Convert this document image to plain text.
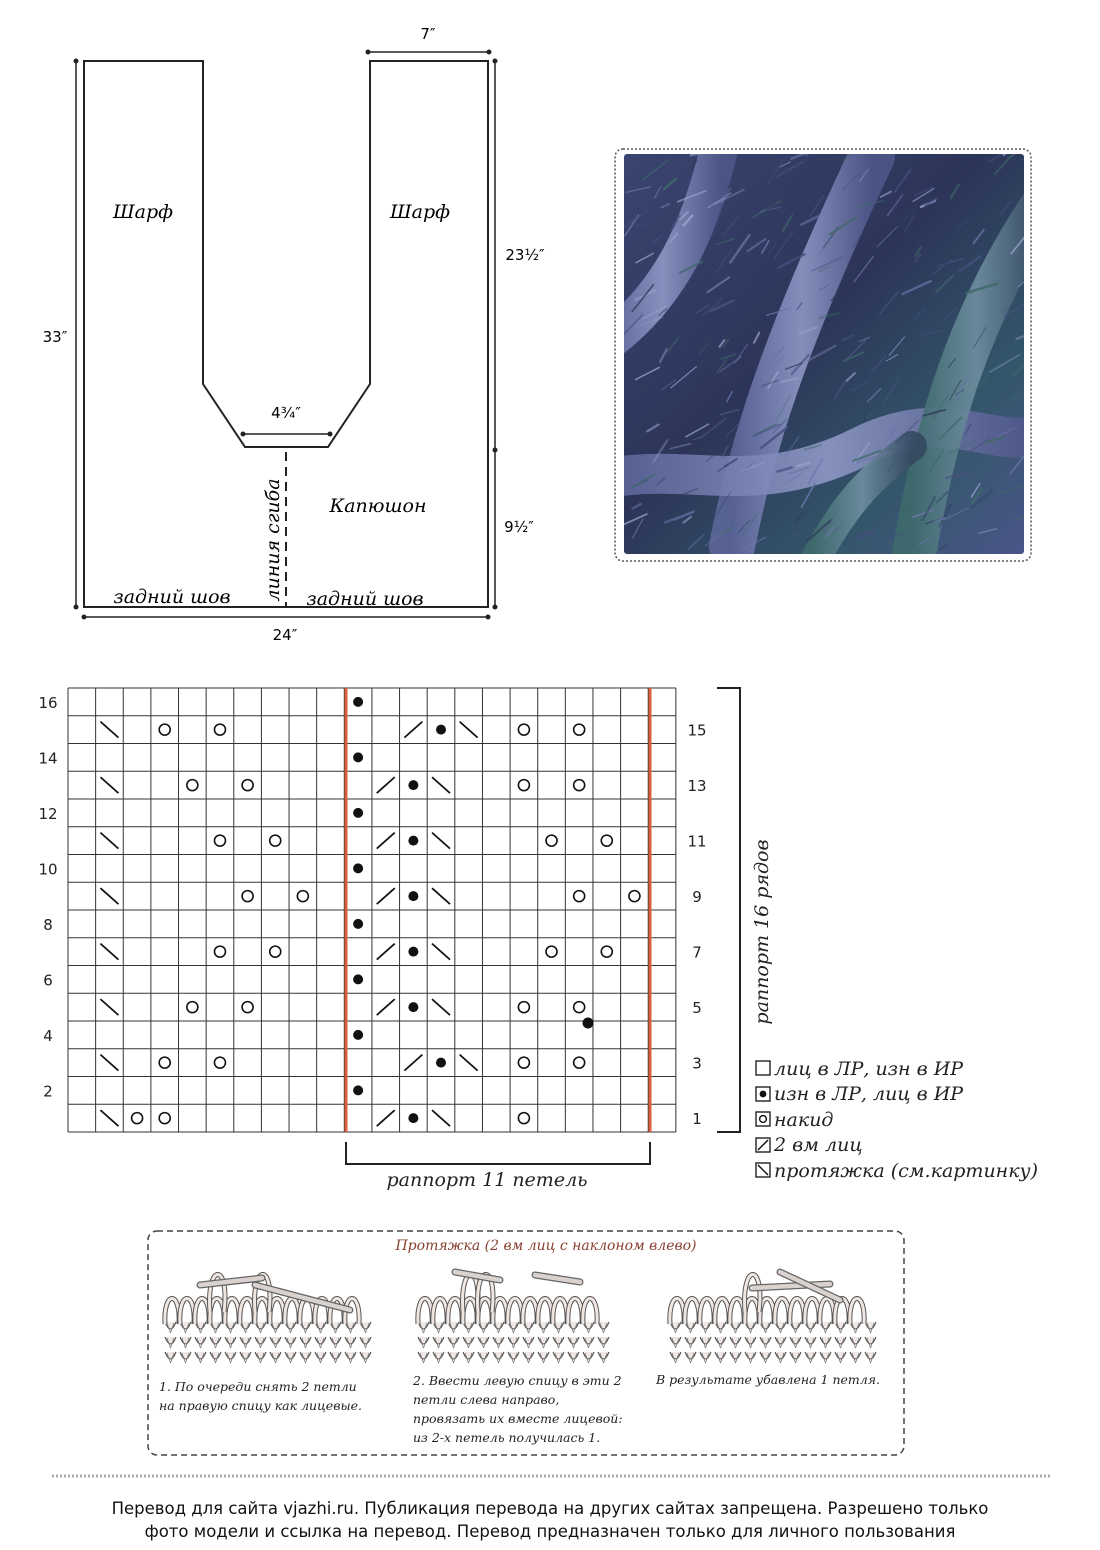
7″
33″
23½″
9½″
4¾″
24″
Шарф	Шарф
Капюшон
линия сгиба
задний шов	задний шов
16
14
12
10
8
6
4
2
15
13
11
9
7
5
3
1
раппорт 16 рядов
раппорт 11 петель
лиц в ЛР, изн в ИР
изн в ЛР, лиц в ИР
накид
2 вм лиц
протяжка (см.картинку)
Протяжка (2 вм лиц с наклоном влево)
1. По очереди снять 2 петли на правую спицу как лицевые.
2. Ввести левую спицу в эти 2 петли слева направо, провязать их вместе лицевой: из 2-х петель получилась 1.
В результате убавлена 1 петля.
Перевод для сайта vjazhi.ru. Публикация перевода на других сайтах запрещена. Разрешено только
фото модели и ссылка на перевод. Перевод предназначен только для личного пользования
